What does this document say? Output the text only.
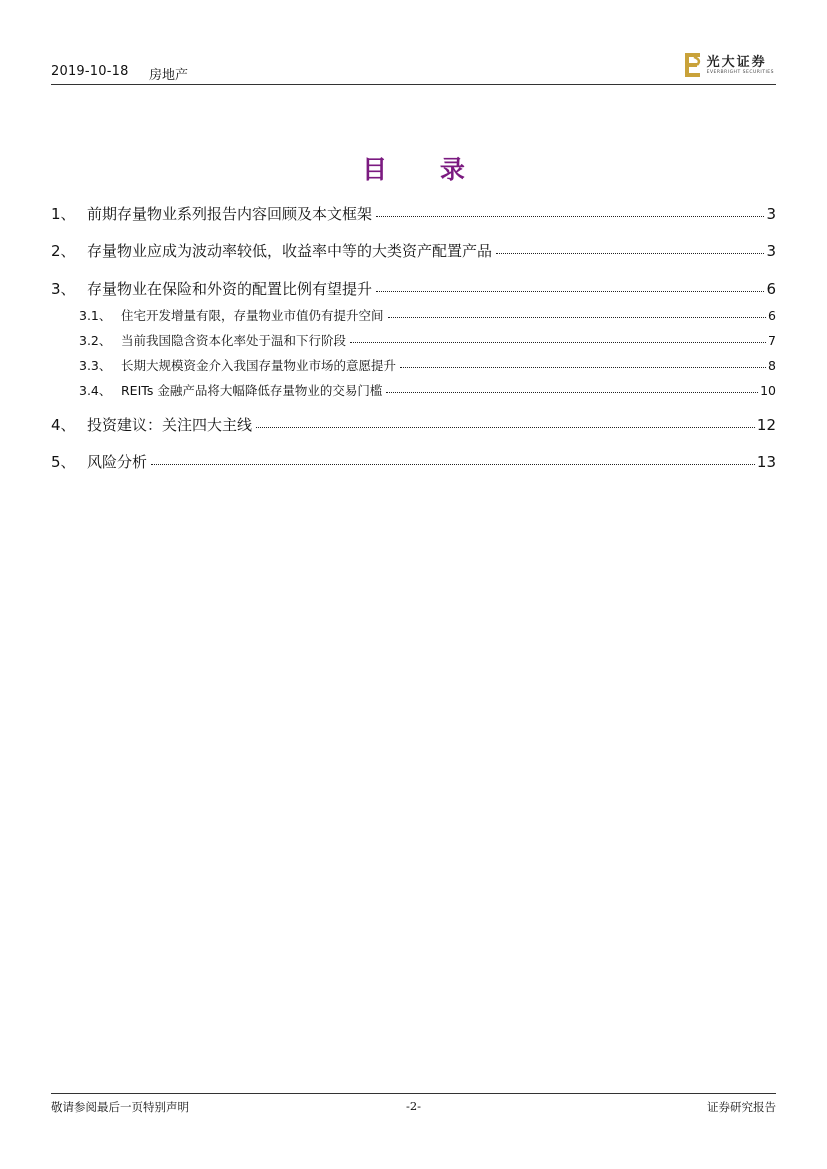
2019-10-18 房地产
光大证券
EVERBRIGHT SECURITIES
目 录
1、 前期存量物业系列报告内容回顾及本文框架	3
2、 存量物业应成为波动率较低，收益率中等的大类资产配置产品	3
3、 存量物业在保险和外资的配置比例有望提升	6
3.1、 住宅开发增量有限，存量物业市值仍有提升空间	6
3.2、 当前我国隐含资本化率处于温和下行阶段	7
3.3、 长期大规模资金介入我国存量物业市场的意愿提升	8
3.4、 REITs 金融产品将大幅降低存量物业的交易门槛	10
4、 投资建议：关注四大主线	12
5、 风险分析	13
敬请参阅最后一页特别声明	-2-	证券研究报告
